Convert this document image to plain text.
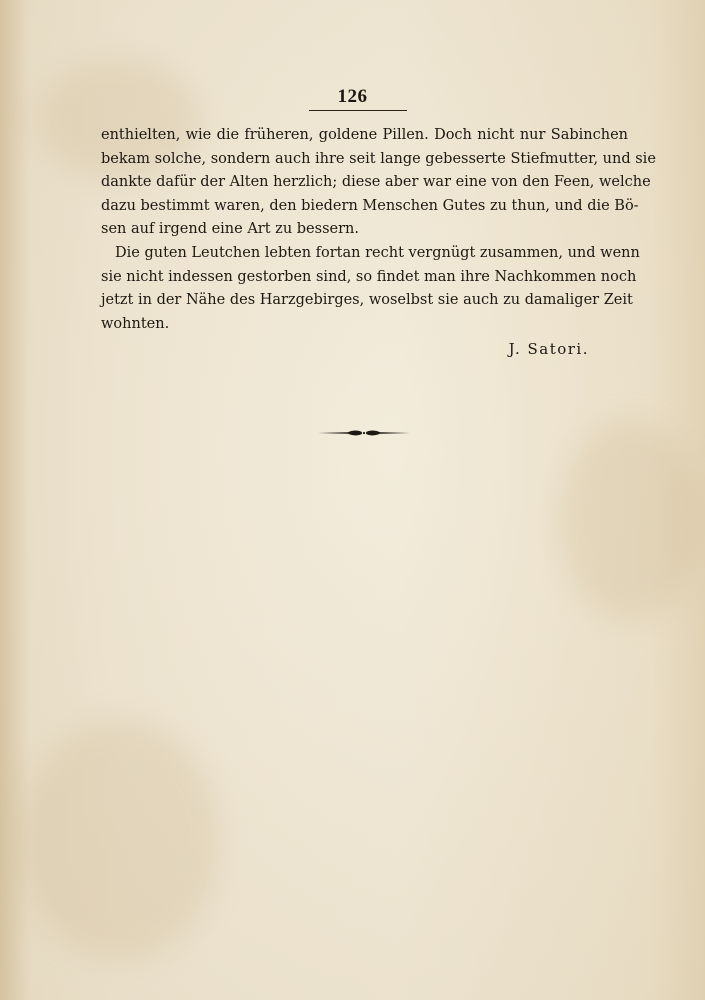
126
enthielten, wie die früheren, goldene Pillen. Doch nicht nur Sabinchen
bekam solche, sondern auch ihre seit lange gebesserte Stiefmutter, und sie
dankte dafür der Alten herzlich; diese aber war eine von den Feen, welche
dazu bestimmt waren, den biedern Menschen Gutes zu thun, und die Bö-
sen auf irgend eine Art zu bessern.
Die guten Leutchen lebten fortan recht vergnügt zusammen, und wenn
sie nicht indessen gestorben sind, so findet man ihre Nachkommen noch
jetzt in der Nähe des Harzgebirges, woselbst sie auch zu damaliger Zeit
wohnten.
J. Satori.
